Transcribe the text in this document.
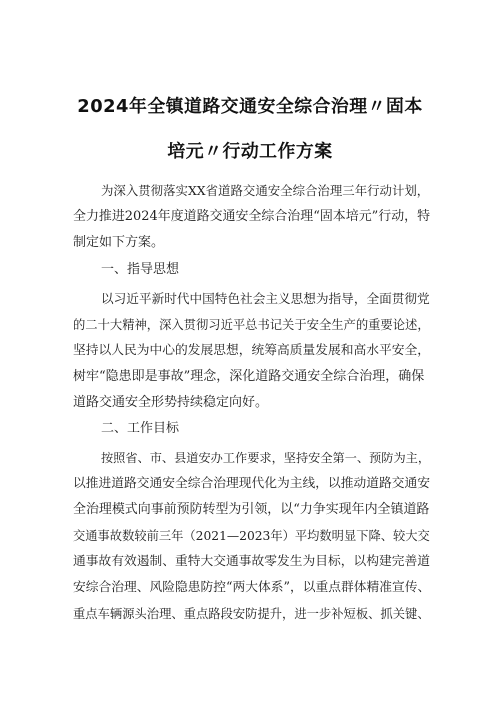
2024年全镇道路交通安全综合治理〃固本
培元〃行动工作方案
为深入贯彻落实XX省道路交通安全综合治理三年行动计划，
全力推进2024年度道路交通安全综合治理“固本培元”行动，特
制定如下方案。
一、指导思想
以习近平新时代中国特色社会主义思想为指导，全面贯彻党
的二十大精神，深入贯彻习近平总书记关于安全生产的重要论述，
坚持以人民为中心的发展思想，统筹高质量发展和高水平安全，
树牢“隐患即是事故”理念，深化道路交通安全综合治理，确保
道路交通安全形势持续稳定向好。
二、工作目标
按照省、市、县道安办工作要求，坚持安全第一、预防为主，
以推进道路交通安全综合治理现代化为主线，以推动道路交通安
全治理模式向事前预防转型为引领，以“力争实现年内全镇道路
交通事故数较前三年（2021—2023年）平均数明显下降、较大交
通事故有效遏制、重特大交通事故零发生为目标，以构建完善道
安综合治理、风险隐患防控“两大体系”，以重点群体精准宣传、
重点车辆源头治理、重点路段安防提升，进一步补短板、抓关键、
